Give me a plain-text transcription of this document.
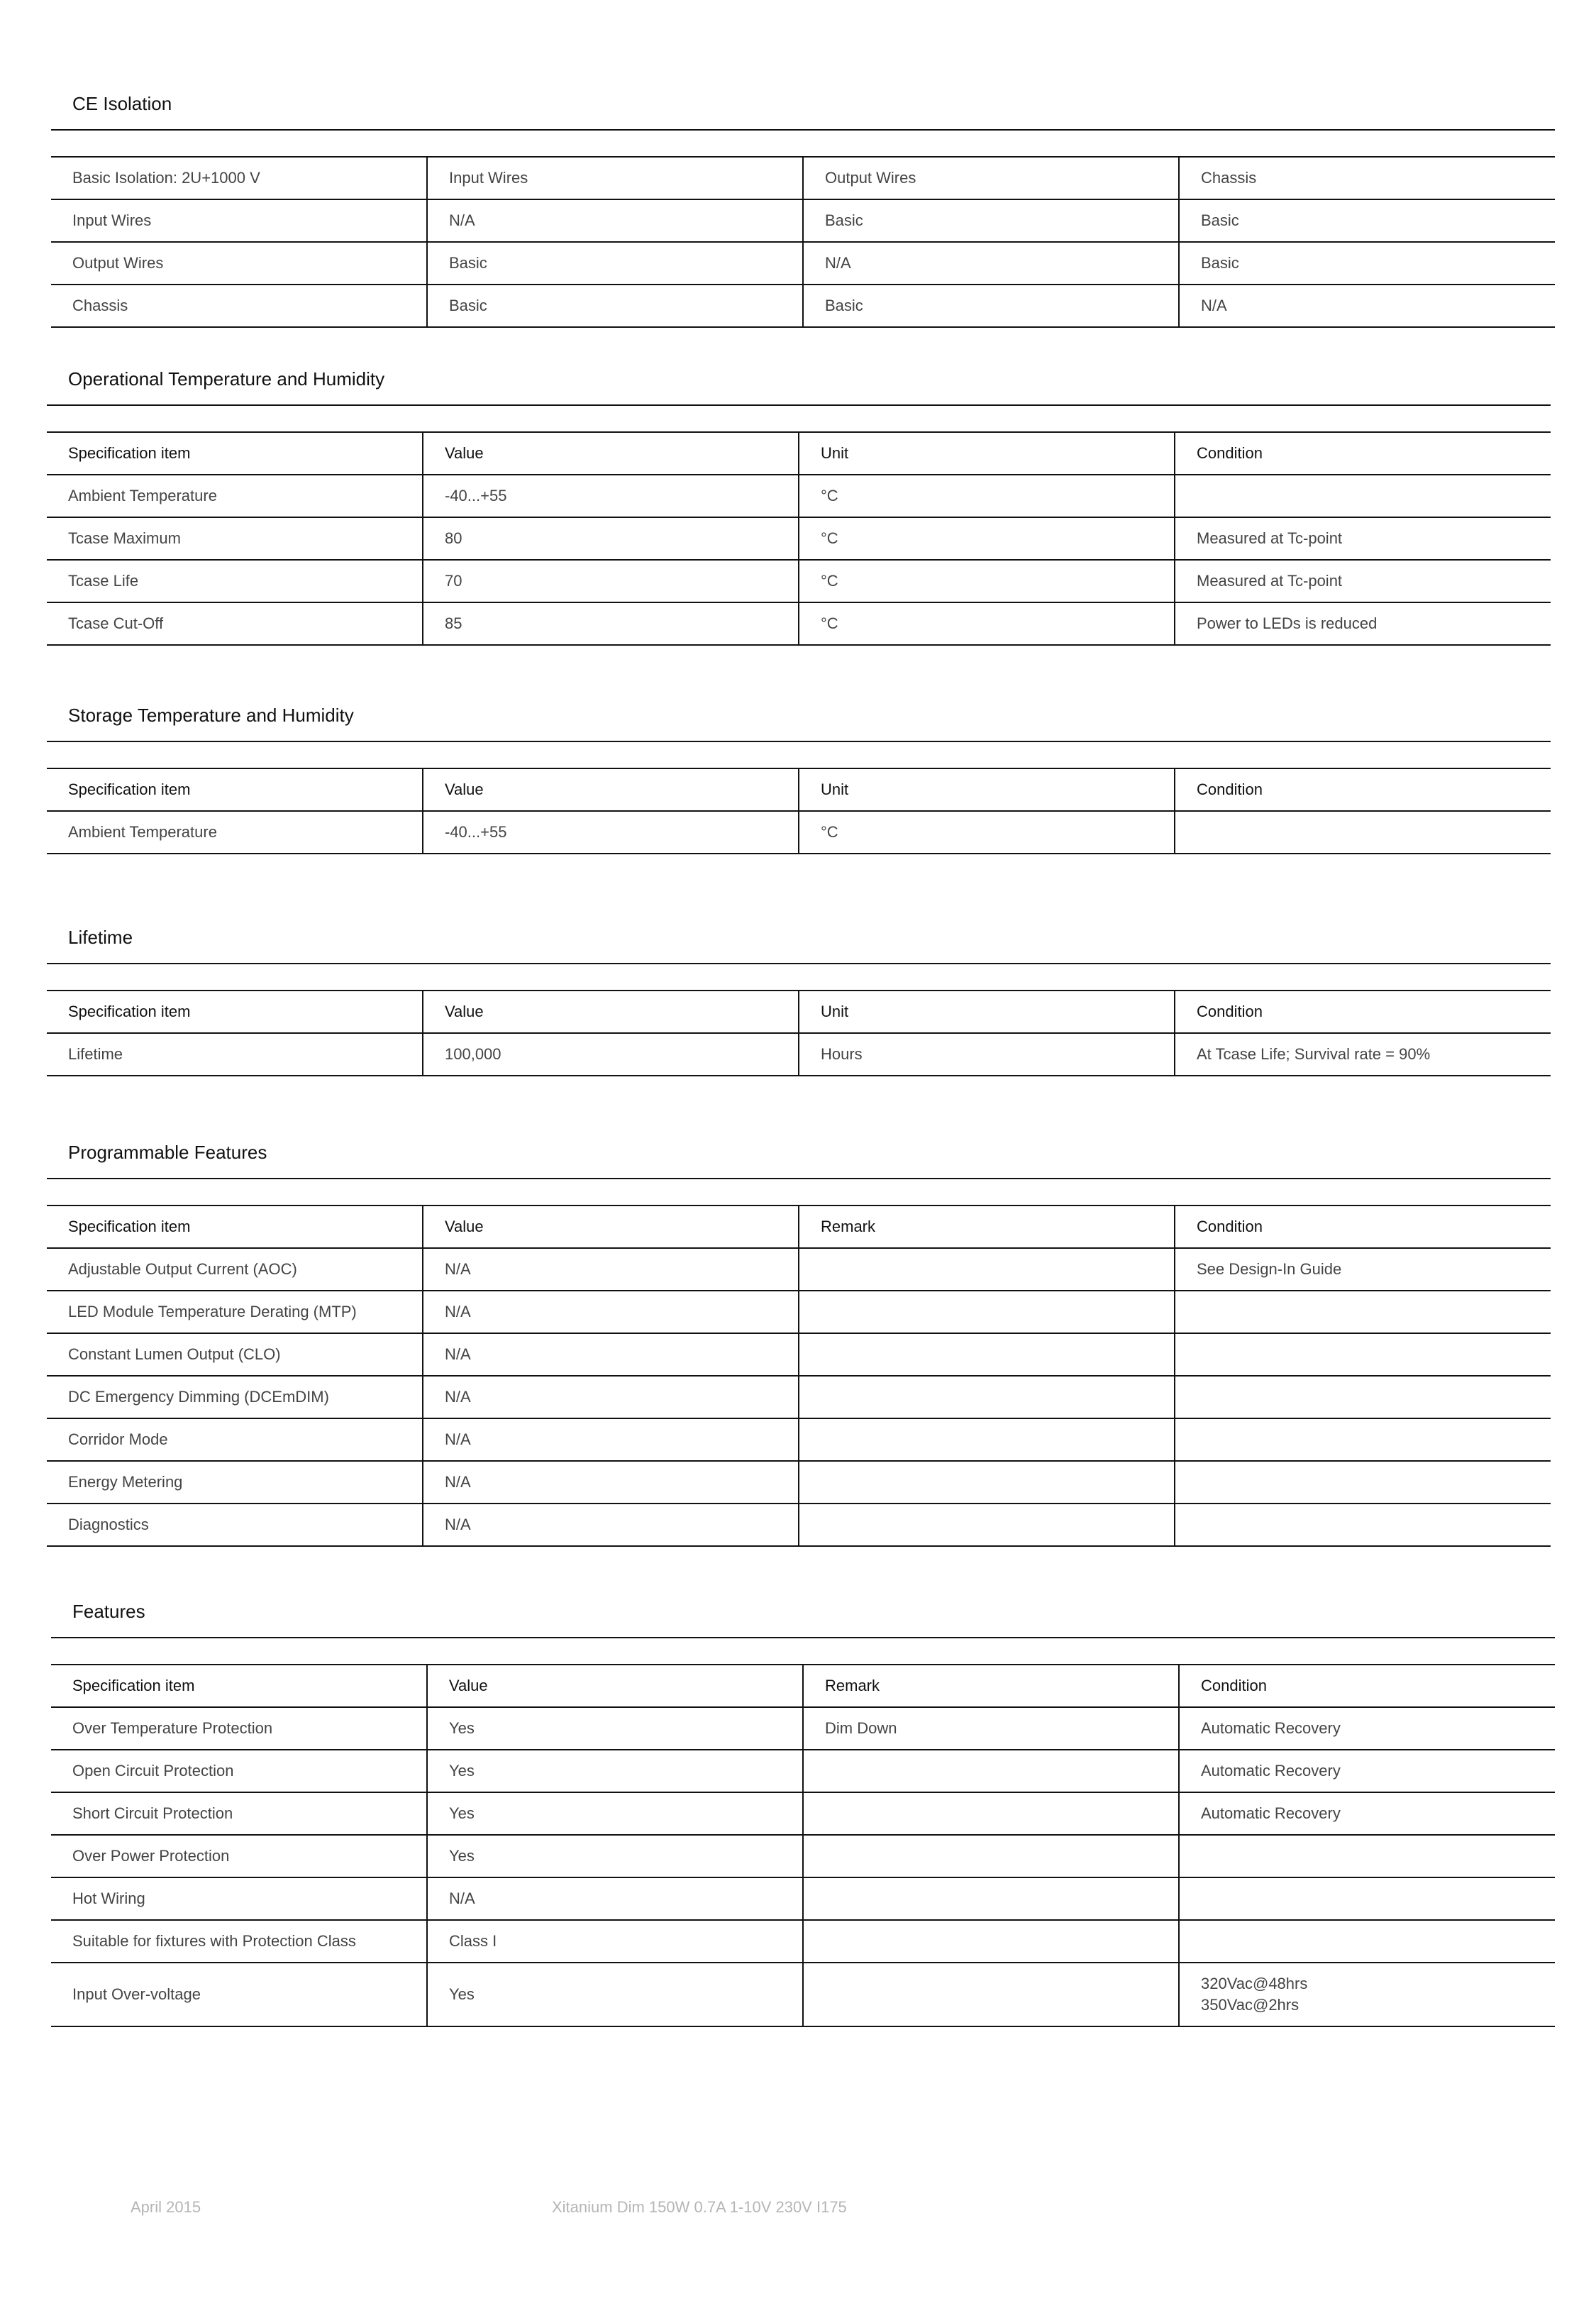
CE Isolation
Basic Isolation: 2U+1000 V	Input Wires	Output Wires	Chassis
Input Wires	N/A	Basic	Basic
Output Wires	Basic	N/A	Basic
Chassis	Basic	Basic	N/A
Operational Temperature and Humidity
Specification item	Value	Unit	Condition
Ambient Temperature	-40...+55	°C	
Tcase Maximum	80	°C	Measured at Tc-point
Tcase Life	70	°C	Measured at Tc-point
Tcase Cut-Off	85	°C	Power to LEDs is reduced
Storage Temperature and Humidity
Specification item	Value	Unit	Condition
Ambient Temperature	-40...+55	°C	
Lifetime
Specification item	Value	Unit	Condition
Lifetime	100,000	Hours	At Tcase Life; Survival rate = 90%
Programmable Features
Specification item	Value	Remark	Condition
Adjustable Output Current (AOC)	N/A		See Design-In Guide
LED Module Temperature Derating (MTP)	N/A		
Constant Lumen Output (CLO)	N/A		
DC Emergency Dimming (DCEmDIM)	N/A		
Corridor Mode	N/A		
Energy Metering	N/A		
Diagnostics	N/A		
Features
Specification item	Value	Remark	Condition
Over Temperature Protection	Yes	Dim Down	Automatic Recovery
Open Circuit Protection	Yes		Automatic Recovery
Short Circuit Protection	Yes		Automatic Recovery
Over Power Protection	Yes		
Hot Wiring	N/A		
Suitable for fixtures with Protection Class	Class I		
Input Over-voltage	Yes		320Vac@48hrs
350Vac@2hrs
April 2015	Xitanium Dim 150W 0.7A 1-10V 230V I175
